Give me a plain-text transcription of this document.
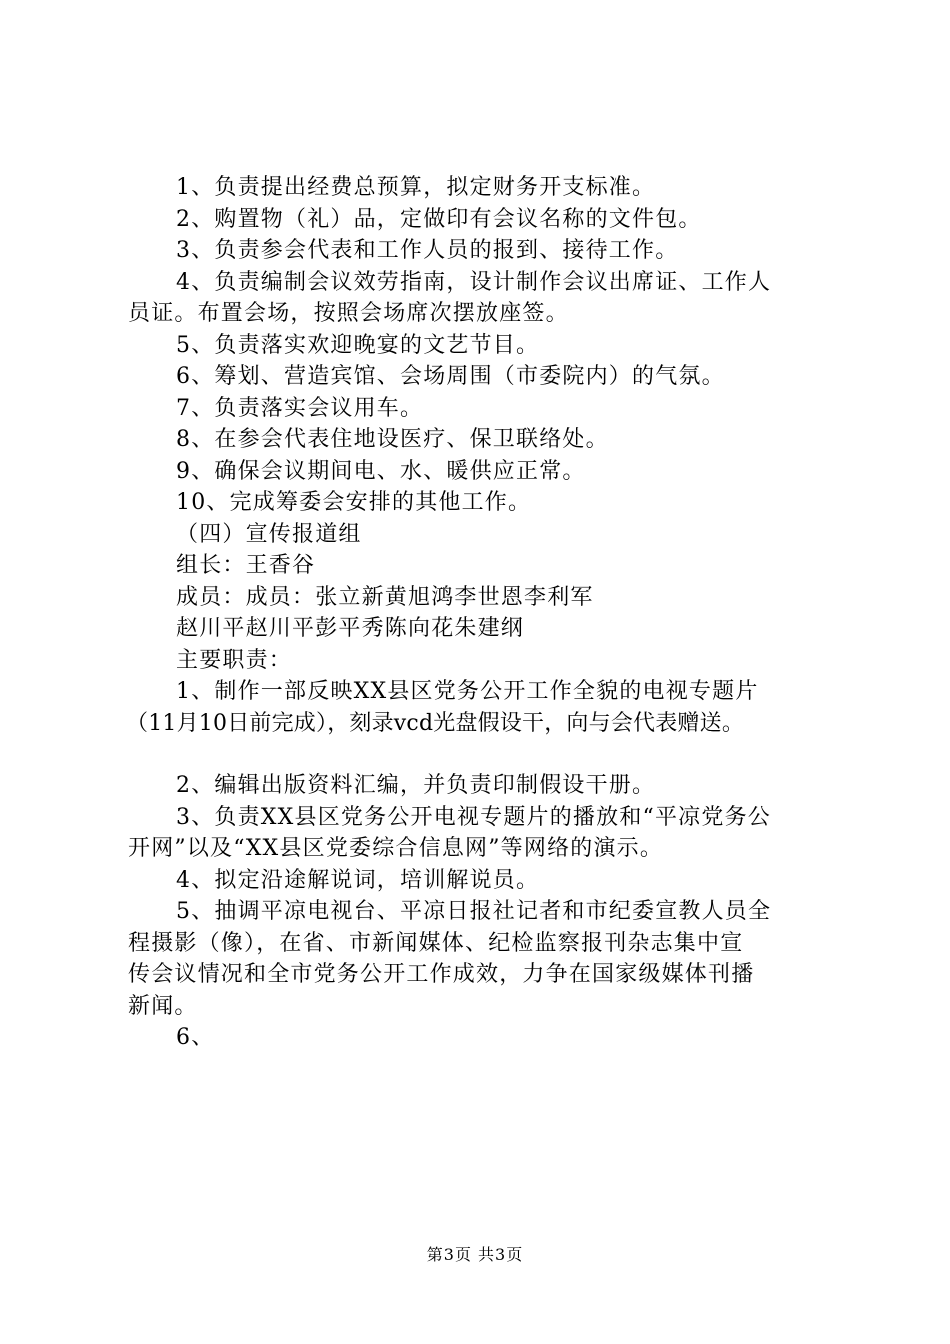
1、负责提出经费总预算，拟定财务开支标准。
2、购置物（礼）品，定做印有会议名称的文件包。
3、负责参会代表和工作人员的报到、接待工作。
4、负责编制会议效劳指南，设计制作会议出席证、工作人
员证。布置会场，按照会场席次摆放座签。
5、负责落实欢迎晚宴的文艺节目。
6、筹划、营造宾馆、会场周围（市委院内）的气氛。
7、负责落实会议用车。
8、在参会代表住地设医疗、保卫联络处。
9、确保会议期间电、水、暖供应正常。
10、完成筹委会安排的其他工作。
（四）宣传报道组
组长：王香谷
成员：成员：张立新黄旭鸿李世恩李利军
赵川平赵川平彭平秀陈向花朱建纲
主要职责：
1、制作一部反映XX县区党务公开工作全貌的电视专题片
（11月10日前完成），刻录vcd光盘假设干，向与会代表赠送。
2、编辑出版资料汇编，并负责印制假设干册。
3、负责XX县区党务公开电视专题片的播放和“平凉党务公
开网”以及“XX县区党委综合信息网”等网络的演示。
4、拟定沿途解说词，培训解说员。
5、抽调平凉电视台、平凉日报社记者和市纪委宣教人员全
程摄影（像），在省、市新闻媒体、纪检监察报刊杂志集中宣
传会议情况和全市党务公开工作成效，力争在国家级媒体刊播
新闻。
6、
第3页 共3页
